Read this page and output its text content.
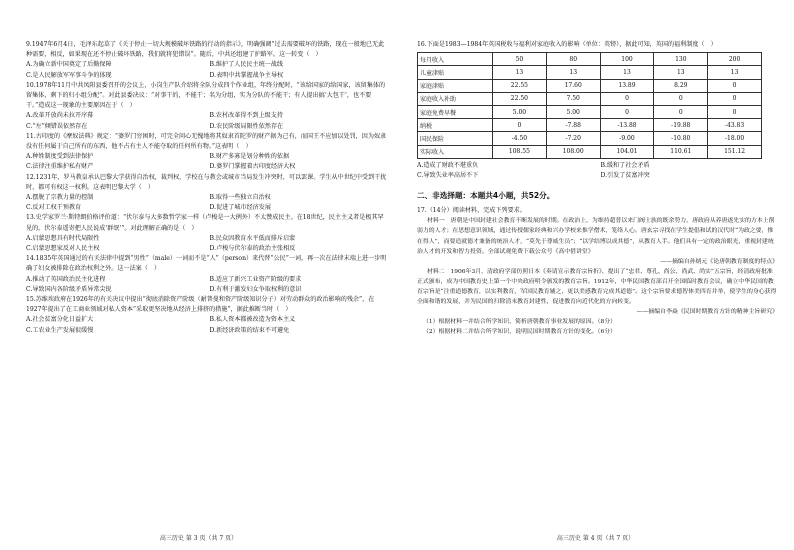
9.1947年6月4日，毛泽东起草了《关于停止一切大规模破坏铁路的行动的指示》，明确强调“过去需要破坏的铁路，现在一般地已无此种需要，相反，如果现在还不停止破坏铁路，我们就将犯错误”。随后，中共还组建了护路军。这一转变（　）

A.为确立新中国奠定了后勤保障	B.维护了人民民主统一战线
C.是人民解放军军事斗争的体现	D.表明中共掌握战争主导权

10.1978年11月中共凤阳县委召开的会议上，小岗生产队介绍将全队分成四个作业组，年终分配时，“该给国家的给国家，该留集体的留集体，剩下的归小组分配”。对此县委决议：“对事干的，不能干；名为分组，实为分队的不能干；有人提出搞‘大包干’，也不要干。”造成这一现象的主要原因在于（　）

A.改革开放尚未拉开序幕	B.农村改革得不到上级支持
C.“左”倾错误依然存在	D.农民阶级局限性依然存在

11.古印度的《摩奴法典》规定：“婆罗门穷困时，可完全问心无愧地将其奴隶首陀罗的财产据为己有，而国王不应加以处罚，因为奴隶没有任何属于自己所有的东西，他不占有主人不能夺取的任何所有物。”这表明（　）

A.种姓制度受到法律保护	B.财产多寡是划分种姓的依据
C.法律注重维护私有财产	D.婆罗门掌握着古印度经济大权

12.1231年，罗马教皇承认巴黎大学获得自治权，裁判权，学校在与教会或城市当局发生冲突时，可以罢课。学生从中世纪中受到干扰时，都可有权这一权利。这表明巴黎大学（　）

A.摆脱了宗教力量的控制	B.取得一些独立自治权
C.反对工权干预教育	D.促进了城市经济发展

13.史学家罗兰·斯特朗伯格评价道：“伏尔泰与大多数哲学家一样（卢梭是一大例外）不太赞成民主。在18世纪，民主主义者是极其罕见的。伏尔泰遥寄把人民说成‘群氓’”。对此理解正确的是（　）

A.启蒙思想具有时代局限性	B.民众因教育水平低而排斥启蒙
C.启蒙思想家反对人民主权	D.卢梭与伏尔泰的政治主张相反

14.1835年英国通过的有关法律中提到“男性”（male）一词而不是“人”（person）来代替“公民”一词，再一次在法律末端上进一步明确了妇女被排除在政治权利之外。这一法案（　）

A.推动了英国政治民主化进程	B.适应了新兴工业资产阶级的要求
C.导致国内各阶级矛盾异常尖锐	D.有利于激发妇女争取权利的意识

15.苏维埃政府在1926年的有关决议中提出“彻底消除资产阶级（耐普曼和资产阶级知识分子）对劳动群众的政治影响的残余”，在1927年提出了在工商业领域对私人资本“采取更坚决地从经济上排挤的措施”，据此推断当时（　）

A.社会贫富分化日益扩大	B.私人资本都被改造为资本主义
C.工农业生产发展很缓慢	D.新经济政策的结束不可避免
高三历史 第 3 页（共 7 页）

16.下面是1983—1984年英国税收与福利对家庭收入的影响（单位：英镑），据此可知，英国的福利制度（　）

每月收入	50	80	100	130	200
儿童津贴	13	13	13	13	13
家庭津贴	22.55	17.60	13.89	8.29	0
家庭收入补助	22.50	7.50	0	0	0
家庭免费早餐	5.00	5.00	0	0	0
纳税	0	-7.88	-13.88	-19.88	-43.83
国民保险	-4.50	-7.20	-9.00	-10.80	-18.00
实际收入	108.55	108.00	104.01	110.61	151.12
A.造成了财政不堪重负	B.缓和了社会矛盾
C.导致失业率高居不下	D.引发了贫富冲突
二、非选择题：本题共4小题，共52分。

17.（14分）阅读材料，完成下列要求。

材料一　唐朝是中国封建社会教育不断发展的时期。在政治上，为维持超普以来门阀士族的既余势力，唐政府从养唐遂先实的方本上削弱力的人才；在思想意识领域，通过传授儒家经典和兴办学校来推学僧术，笼络人心。唐玄宗寻找在学生提倡和试的汉代时“为政之要，惟在得人”，而要造就德才兼备的统治人才，“莫先于尊威生员”；“以学结博以成其德”，从教育人手。他们具有一定的政治眼光，重视封建统治人才的开发和智力投资。全部试观免费下载公众号《高中借讲堂》

——摘编自孙炳元《论唐朝教育制度的特点》

材料二　1906年3月，清政府学部仿照日本《奏请宣示教育宗旨折》，提出了“忠君、尊孔、尚公、尚武、尚实”五宗旨，经清政府批准正式颁布，成为中国教育史上第一个中央政府明令颁发的教育宗旨。1912年，中华民国教育部召开全国临时教育会议，确立中华民国的教育宗旨是“注重道德教育，以实利教育，军国民教育辅之，更以美感教育完成其道德”。这个宗旨要求德智体美四育并举，使学生的身心获得全面和谐的发展，并为民国的扫除清末教育封建性，促进教育向近代化的方向转变。

——摘编自李焱《民国时期教育方针的精神主旨研究》

（1）根据材料一并结合所学知识，简析唐朝教育事业发展的原因。（8分）

（2）根据材料二并结合所学知识，说明民国时期教育方针的变化。（6分）

高三历史 第 4 页（共 7 页）
